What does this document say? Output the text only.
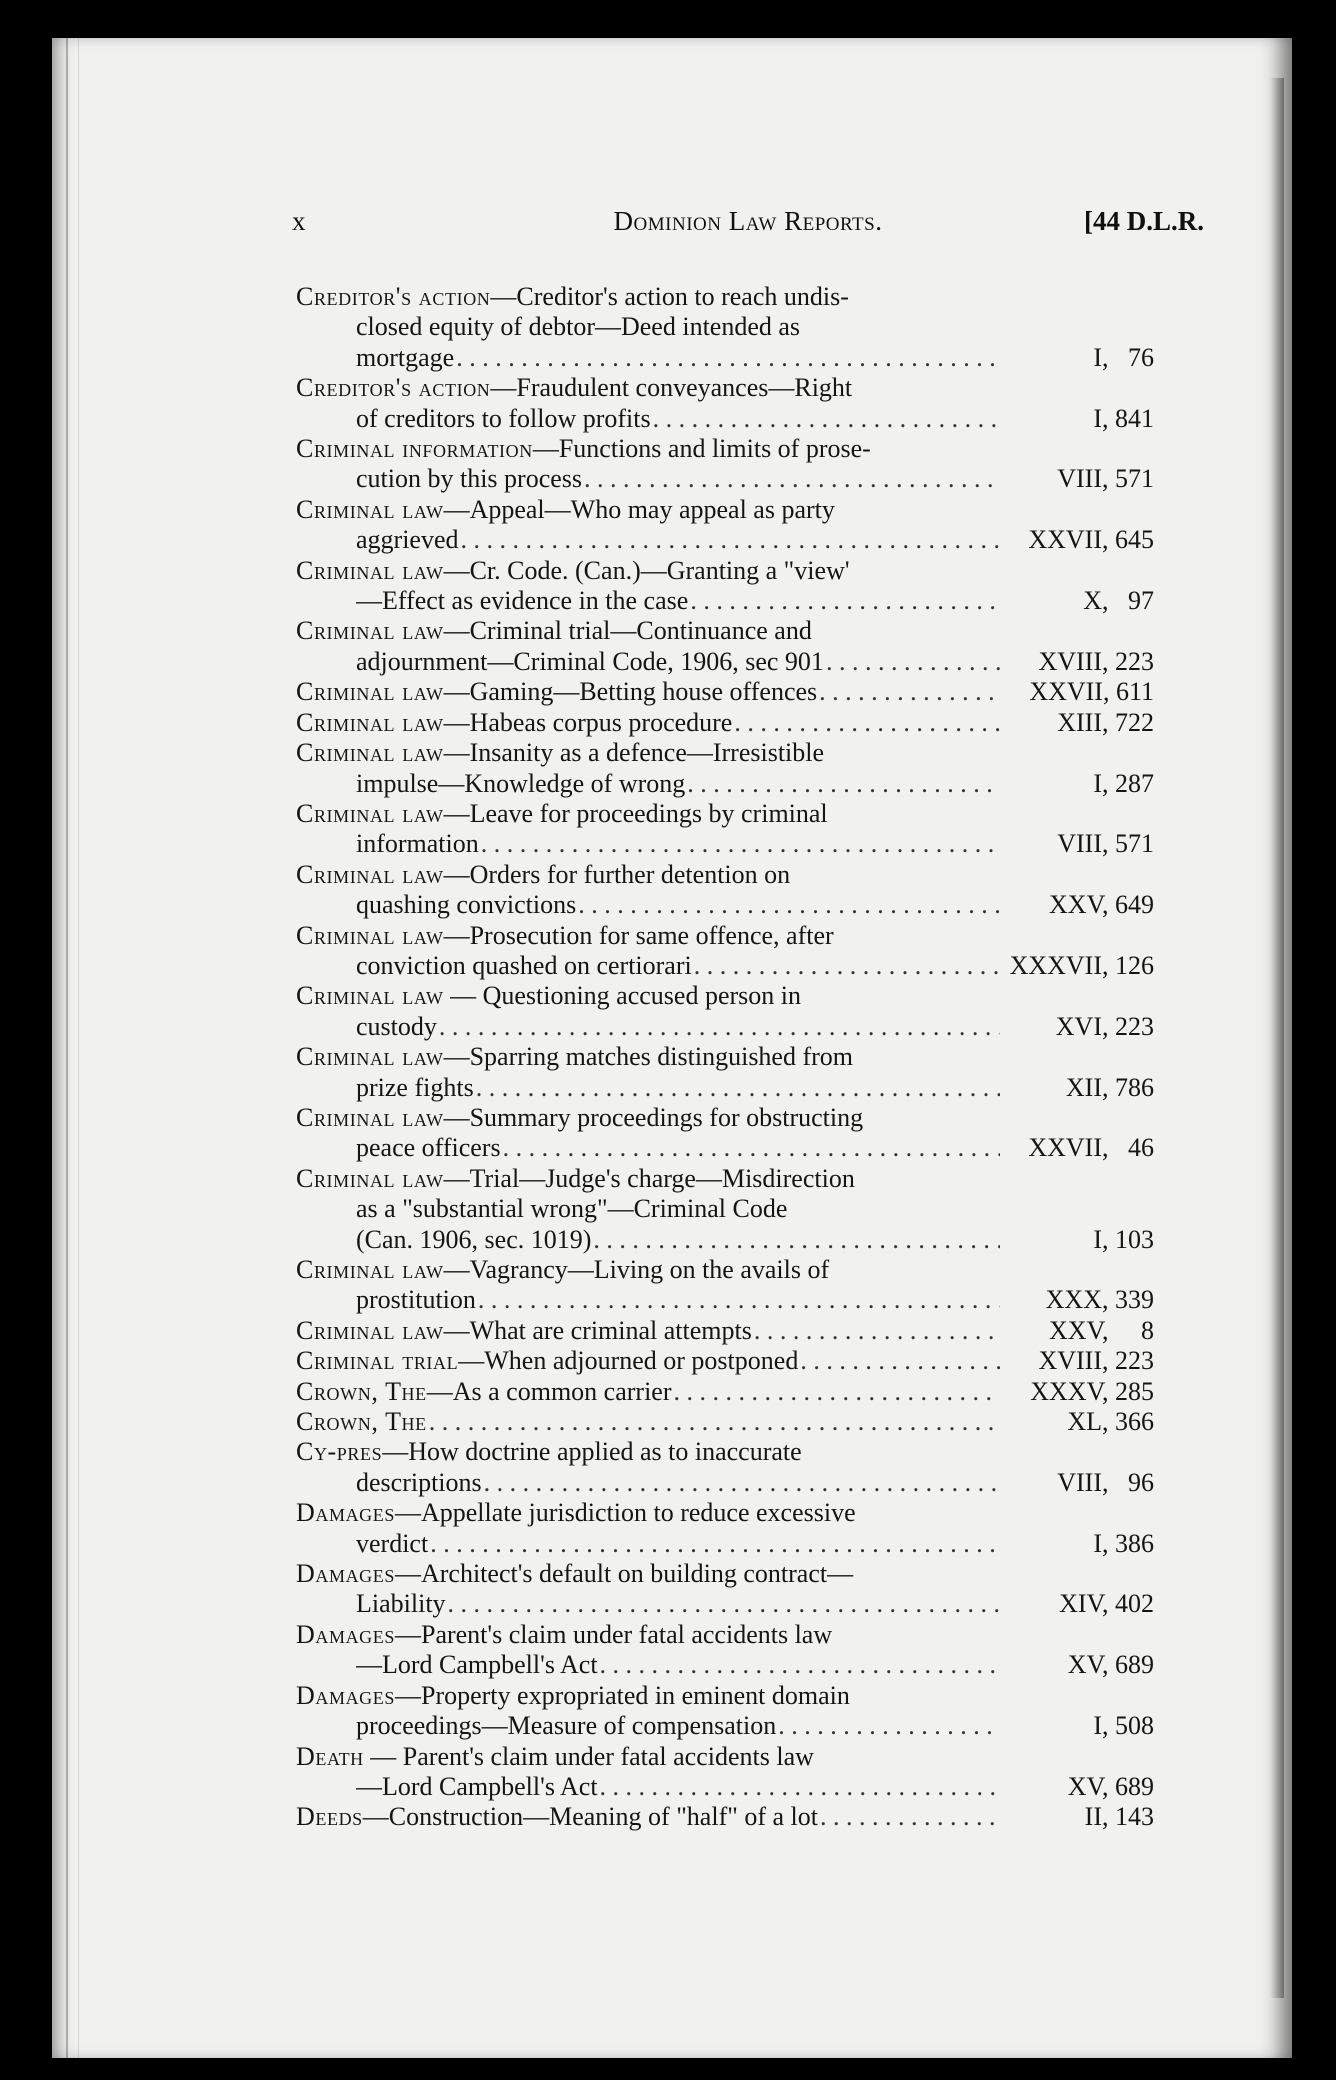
x	Dominion Law Reports.	[44 D.L.R.
Creditor's action—Creditor's action to reach undis-
closed equity of debtor—Deed intended as
mortgage . . .	I,   76
Creditor's action—Fraudulent conveyances—Right
of creditors to follow profits . . .	I, 841
Criminal information—Functions and limits of prose-
cution by this process . . .	VIII, 571
Criminal law—Appeal—Who may appeal as party
aggrieved . . .	XXVII, 645
Criminal law—Cr. Code. (Can.)—Granting a "view'
—Effect as evidence in the case . . .	X,   97
Criminal law—Criminal trial—Continuance and
adjournment—Criminal Code, 1906, sec 901 . . .	XVIII, 223
Criminal law—Gaming—Betting house offences . . .	XXVII, 611
Criminal law—Habeas corpus procedure . . .	XIII, 722
Criminal law—Insanity as a defence—Irresistible
impulse—Knowledge of wrong . . .	I, 287
Criminal law—Leave for proceedings by criminal
information . . .	VIII, 571
Criminal law—Orders for further detention on
quashing convictions . . .	XXV, 649
Criminal law—Prosecution for same offence, after
conviction quashed on certiorari . . .	XXXVII, 126
Criminal law — Questioning accused person in
custody . . .	XVI, 223
Criminal law—Sparring matches distinguished from
prize fights . . .	XII, 786
Criminal law—Summary proceedings for obstructing
peace officers . . .	XXVII,   46
Criminal law—Trial—Judge's charge—Misdirection
as a "substantial wrong"—Criminal Code
(Can. 1906, sec. 1019) . . .	I, 103
Criminal law—Vagrancy—Living on the avails of
prostitution . . .	XXX, 339
Criminal law—What are criminal attempts . . .	XXV,     8
Criminal trial—When adjourned or postponed . . .	XVIII, 223
Crown, The—As a common carrier . . .	XXXV, 285
Crown, The . . .	XL, 366
Cy-pres—How doctrine applied as to inaccurate
descriptions . . .	VIII,   96
Damages—Appellate jurisdiction to reduce excessive
verdict . . .	I, 386
Damages—Architect's default on building contract—
Liability . . .	XIV, 402
Damages—Parent's claim under fatal accidents law
—Lord Campbell's Act . . .	XV, 689
Damages—Property expropriated in eminent domain
proceedings—Measure of compensation . . .	I, 508
Death — Parent's claim under fatal accidents law
—Lord Campbell's Act . . .	XV, 689
Deeds—Construction—Meaning of "half" of a lot . . .	II, 143
